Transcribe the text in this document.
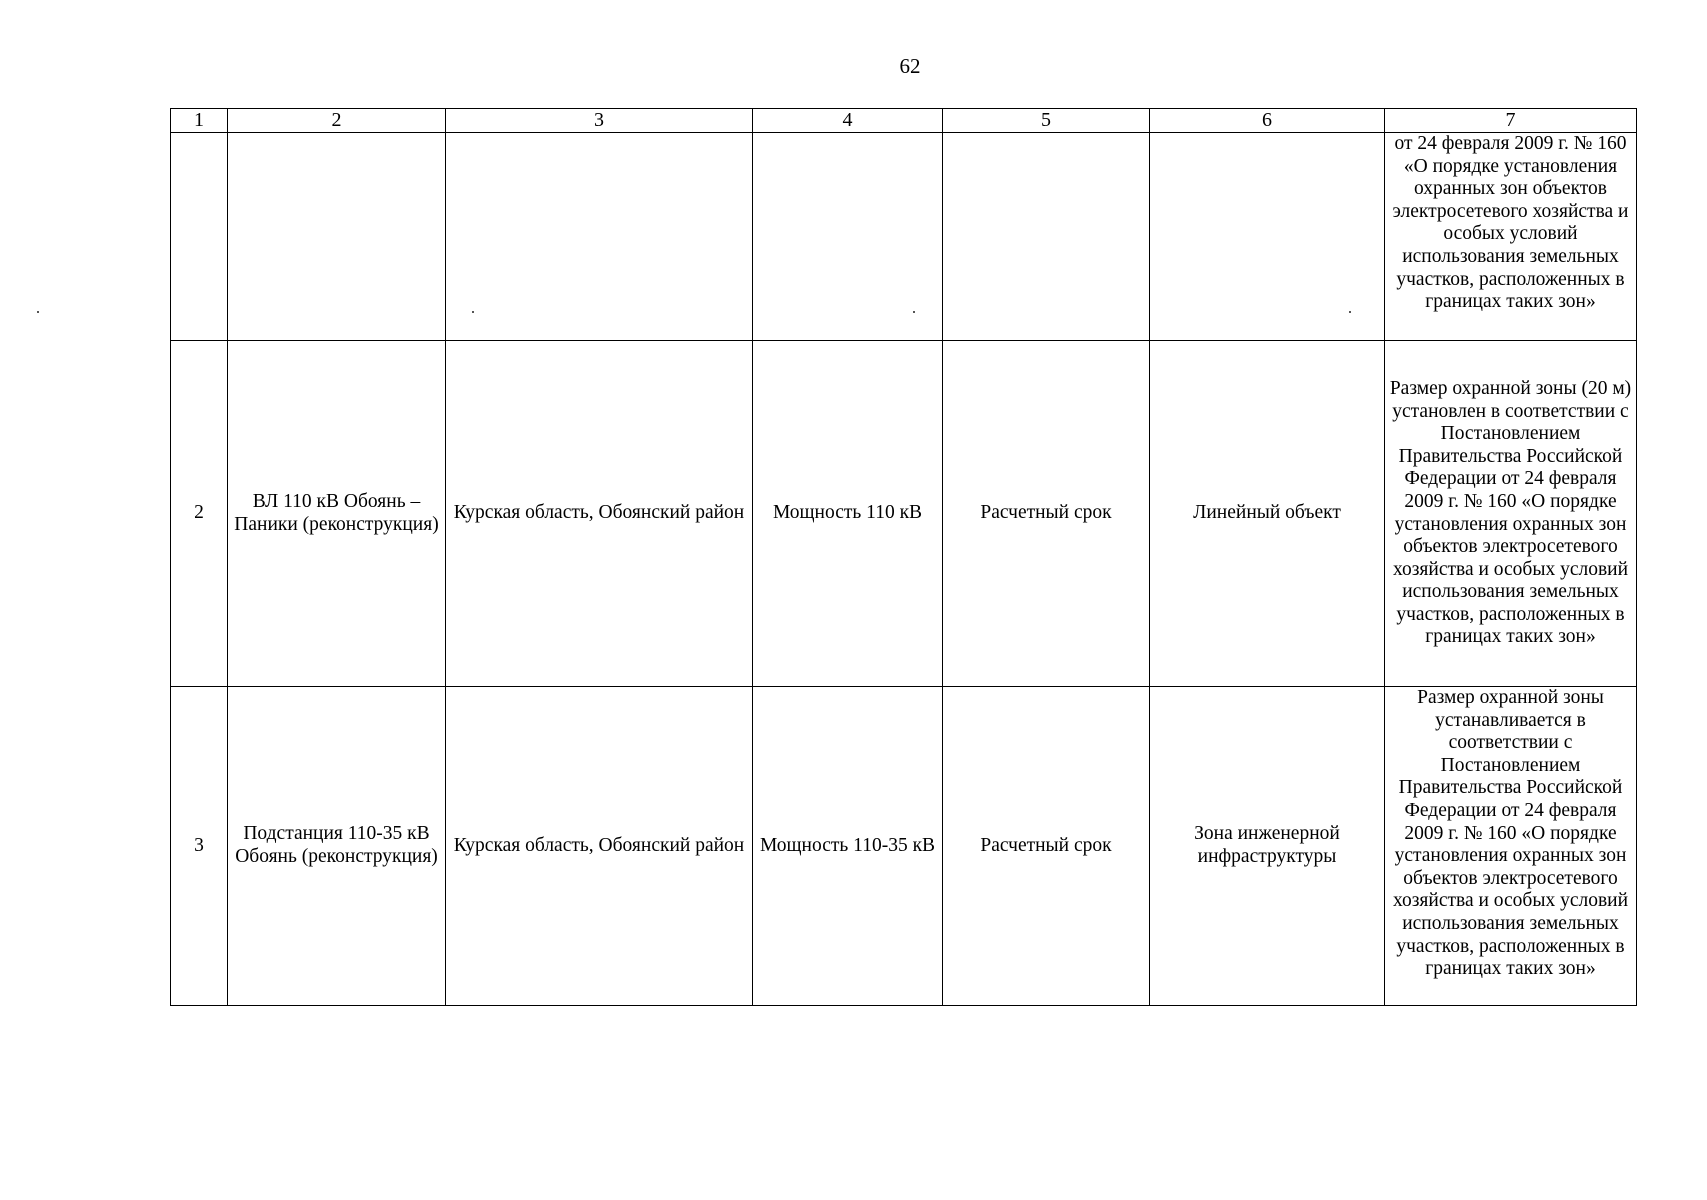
62
1	2	3	4	5	6	7
						от 24 февраля 2009 г. № 160 «О порядке установления охранных зон объектов электросетевого хозяйства и особых условий использования земельных участков, расположенных в границах таких зон»
2	ВЛ 110 кВ Обоянь – Паники (реконструкция)	Курская область, Обоянский район	Мощность 110 кВ	Расчетный срок	Линейный объект	Размер охранной зоны (20 м) установлен в соответствии с Постановлением Правительства Российской Федерации от 24 февраля 2009 г. № 160 «О порядке установления охранных зон объектов электросетевого хозяйства и особых условий использования земельных участков, расположенных в границах таких зон»
3	Подстанция 110-35 кВ Обоянь (реконструкция)	Курская область, Обоянский район	Мощность 110-35 кВ	Расчетный срок	Зона инженерной инфраструктуры	Размер охранной зоны устанавливается в соответствии с Постановлением Правительства Российской Федерации от 24 февраля 2009 г. № 160 «О порядке установления охранных зон объектов электросетевого хозяйства и особых условий использования земельных участков, расположенных в границах таких зон»
